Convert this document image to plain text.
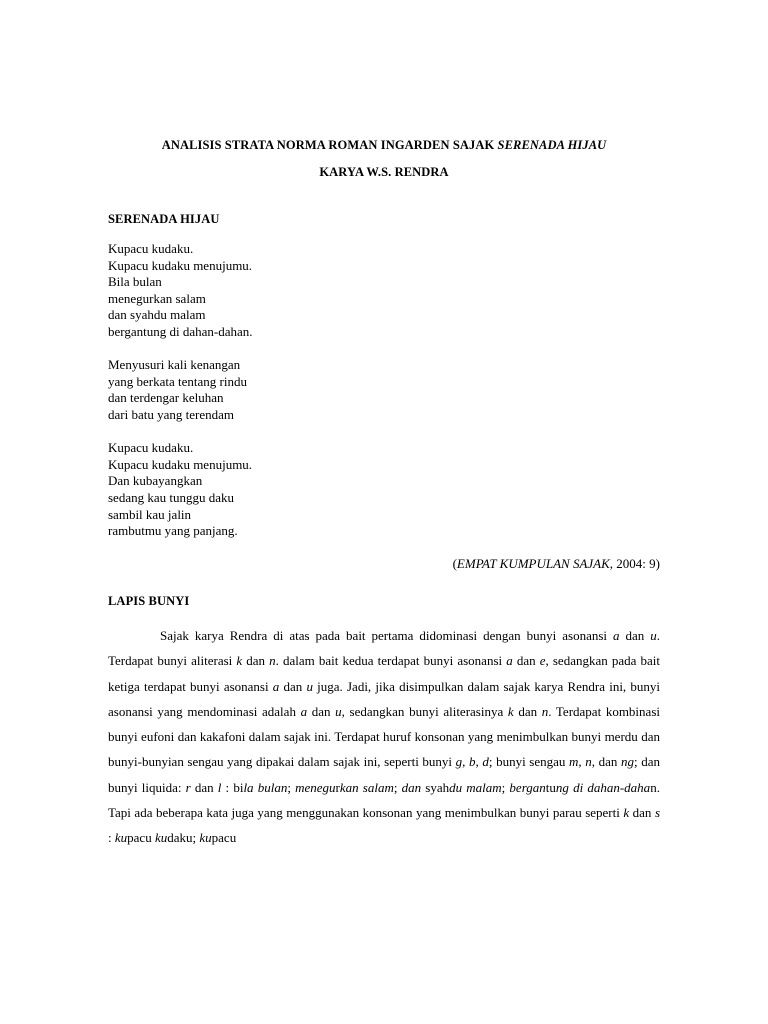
ANALISIS STRATA NORMA ROMAN INGARDEN SAJAK SERENADA HIJAU
KARYA W.S. RENDRA
SERENADA HIJAU
Kupacu kudaku.
Kupacu kudaku menujumu.
Bila bulan
menegurkan salam
dan syahdu malam
bergantung di dahan-dahan.
Menyusuri kali kenangan
yang berkata tentang rindu
dan terdengar keluhan
dari batu yang terendam
Kupacu kudaku.
Kupacu kudaku menujumu.
Dan kubayangkan
sedang kau tunggu daku
sambil kau jalin
rambutmu yang panjang.
(EMPAT KUMPULAN SAJAK, 2004: 9)
LAPIS BUNYI
Sajak karya Rendra di atas pada bait pertama didominasi dengan bunyi asonansi a dan u. Terdapat bunyi aliterasi k dan n. dalam bait kedua terdapat bunyi asonansi a dan e, sedangkan pada bait ketiga terdapat bunyi asonansi a dan u juga. Jadi, jika disimpulkan dalam sajak karya Rendra ini, bunyi asonansi yang mendominasi adalah a dan u, sedangkan bunyi aliterasinya k dan n. Terdapat kombinasi bunyi eufoni dan kakafoni dalam sajak ini. Terdapat huruf konsonan yang menimbulkan bunyi merdu dan bunyi-bunyian sengau yang dipakai dalam sajak ini, seperti bunyi g, b, d; bunyi sengau m, n, dan ng; dan bunyi liquida: r dan l : bila bulan; menegurkan salam; dan syahdu malam; bergantung di dahan-dahan. Tapi ada beberapa kata juga yang menggunakan konsonan yang menimbulkan bunyi parau seperti k dan s : kupacu kudaku; kupacu
